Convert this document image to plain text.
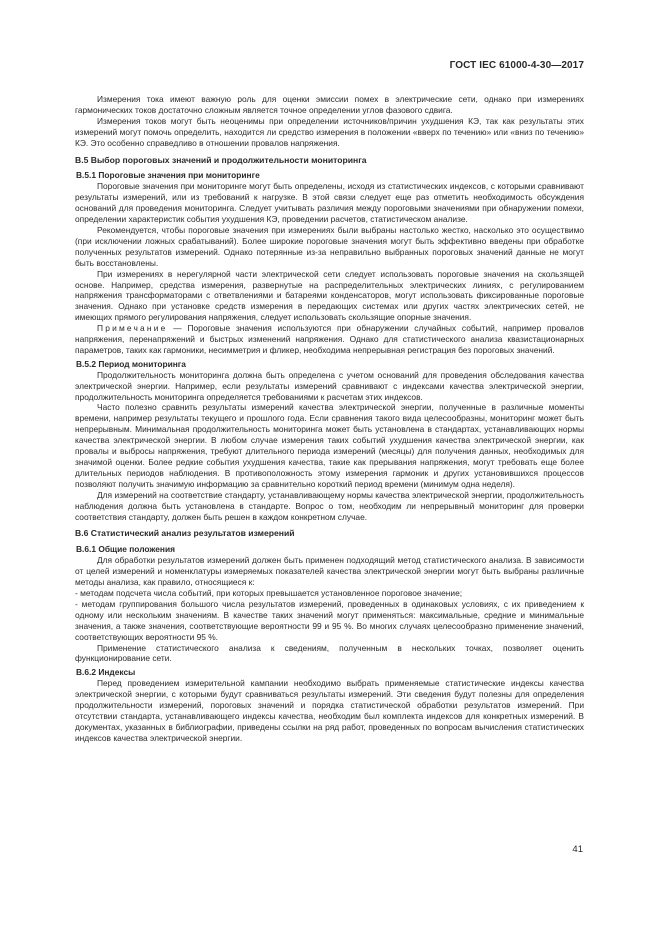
ГОСТ IEC 61000-4-30—2017

Измерения тока имеют важную роль для оценки эмиссии помех в электрические сети, однако при измерениях гармонических токов достаточно сложным является точное определении углов фазового сдвига.

Измерения токов могут быть неоценимы при определении источников/причин ухудшения КЭ, так как результаты этих измерений могут помочь определить, находится ли средство измерения в положении «вверх по течению» или «вниз по течению» КЭ. Это особенно справедливо в отношении провалов напряжения.

B.5 Выбор пороговых значений и продолжительности мониторинга
B.5.1 Пороговые значения при мониторинге

Пороговые значения при мониторинге могут быть определены, исходя из статистических индексов, с которыми сравнивают результаты измерений, или из требований к нагрузке. В этой связи следует еще раз отметить необходимость обсуждения оснований для проведения мониторинга. Следует учитывать различия между пороговыми значениями при обнаружении помехи, определении характеристик события ухудшения КЭ, проведении расчетов, статистическом анализе.

Рекомендуется, чтобы пороговые значения при измерениях были выбраны настолько жестко, насколько это осуществимо (при исключении ложных срабатываний). Более широкие пороговые значения могут быть эффективно введены при обработке полученных результатов измерений. Однако потерянные из-за неправильно выбранных пороговых значений данные не могут быть восстановлены.

При измерениях в нерегулярной части электрической сети следует использовать пороговые значения на скользящей основе. Например, средства измерения, развернутые на распределительных электрических линиях, с регулированием напряжения трансформаторами с ответвлениями и батареями конденсаторов, могут использовать фиксированные пороговые значения. Однако при установке средств измерения в передающих системах или других частях электрических сетей, не имеющих прямого регулирования напряжения, следует использовать скользящие опорные значения.

Примечание — Пороговые значения используются при обнаружении случайных событий, например провалов напряжения, перенапряжений и быстрых изменений напряжения. Однако для статистического анализа квазистационарных параметров, таких как гармоники, несимметрия и фликер, необходима непрерывная регистрация без пороговых значений.

B.5.2 Период мониторинга

Продолжительность мониторинга должна быть определена с учетом оснований для проведения обследования качества электрической энергии. Например, если результаты измерений сравнивают с индексами качества электрической энергии, продолжительность мониторинга определяется требованиями к расчетам этих индексов.

Часто полезно сравнить результаты измерений качества электрической энергии, полученные в различные моменты времени, например результаты текущего и прошлого года. Если сравнения такого вида целесообразны, мониторинг может быть непрерывным. Минимальная продолжительность мониторинга может быть установлена в стандартах, устанавливающих нормы качества электрической энергии. В любом случае измерения таких событий ухудшения качества электрической энергии, как провалы и выбросы напряжения, требуют длительного периода измерений (месяцы) для получения данных, необходимых для значимой оценки. Более редкие события ухудшения качества, такие как прерывания напряжения, могут требовать еще более длительных периодов наблюдения. В противоположность этому измерения гармоник и других установившихся процессов позволяют получить значимую информацию за сравнительно короткий период времени (минимум одна неделя).

Для измерений на соответствие стандарту, устанавливающему нормы качества электрической энергии, продолжительность наблюдения должна быть установлена в стандарте. Вопрос о том, необходим ли непрерывный мониторинг для проверки соответствия стандарту, должен быть решен в каждом конкретном случае.

B.6 Статистический анализ результатов измерений
B.6.1 Общие положения

Для обработки результатов измерений должен быть применен подходящий метод статистического анализа. В зависимости от целей измерений и номенклатуры измеряемых показателей качества электрической энергии могут быть выбраны различные методы анализа, как правило, относящиеся к:

- методам подсчета числа событий, при которых превышается установленное пороговое значение;

- методам группирования большого числа результатов измерений, проведенных в одинаковых условиях, с их приведением к одному или нескольким значениям. В качестве таких значений могут применяться: максимальные, средние и минимальные значения, а также значения, соответствующие вероятности 99 и 95 %. Во многих случаях целесообразно применение значений, соответствующих вероятности 95 %.

Применение статистического анализа к сведениям, полученным в нескольких точках, позволяет оценить функционирование сети.

B.6.2 Индексы

Перед проведением измерительной кампании необходимо выбрать применяемые статистические индексы качества электрической энергии, с которыми будут сравниваться результаты измерений. Эти сведения будут полезны для определения продолжительности измерений, пороговых значений и порядка статистической обработки результатов измерений. При отсутствии стандарта, устанавливающего индексы качества, необходим был комплекта индексов для конкретных измерений. В документах, указанных в библиографии, приведены ссылки на ряд работ, проведенных по вопросам вычисления статистических индексов качества электрической энергии.

41
